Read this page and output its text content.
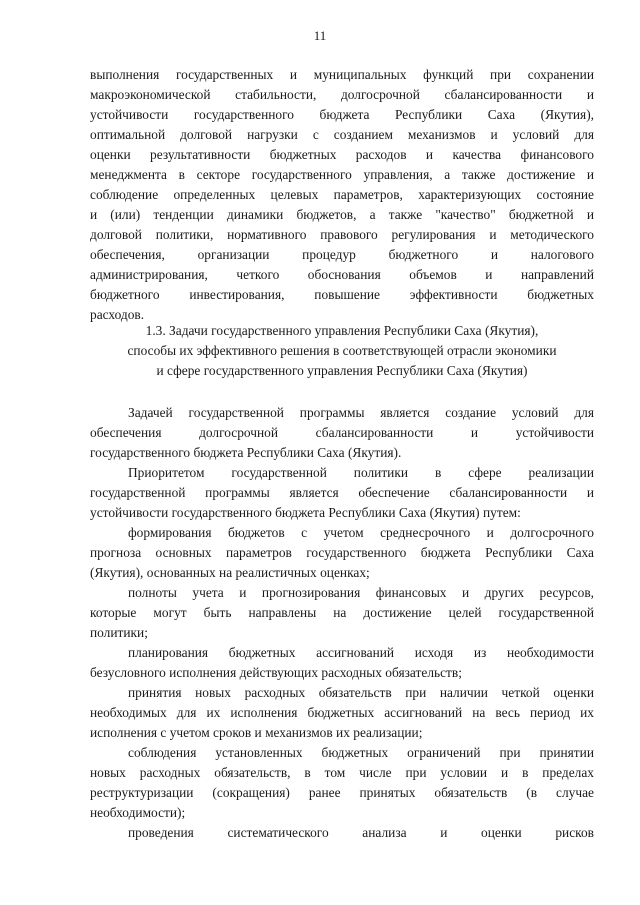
11
выполнения государственных и муниципальных функций при сохранении
макроэкономической стабильности, долгосрочной сбалансированности и
устойчивости государственного бюджета Республики Саха (Якутия),
оптимальной долговой нагрузки с созданием механизмов и условий для
оценки результативности бюджетных расходов и качества финансового
менеджмента в секторе государственного управления, а также достижение и
соблюдение определенных целевых параметров, характеризующих состояние
и (или) тенденции динамики бюджетов, а также "качество" бюджетной и
долговой политики, нормативного правового регулирования и методического
обеспечения, организации процедур бюджетного и налогового
администрирования, четкого обоснования объемов и направлений
бюджетного инвестирования, повышение эффективности бюджетных
расходов.
1.3. Задачи государственного управления Республики Саха (Якутия),
способы их эффективного решения в соответствующей отрасли экономики
и сфере государственного управления Республики Саха (Якутия)
Задачей государственной программы является создание условий для
обеспечения долгосрочной сбалансированности и устойчивости
государственного бюджета Республики Саха (Якутия).
Приоритетом государственной политики в сфере реализации
государственной программы является обеспечение сбалансированности и
устойчивости государственного бюджета Республики Саха (Якутия) путем:
формирования бюджетов с учетом среднесрочного и долгосрочного
прогноза основных параметров государственного бюджета Республики Саха
(Якутия), основанных на реалистичных оценках;
полноты учета и прогнозирования финансовых и других ресурсов,
которые могут быть направлены на достижение целей государственной
политики;
планирования бюджетных ассигнований исходя из необходимости
безусловного исполнения действующих расходных обязательств;
принятия новых расходных обязательств при наличии четкой оценки
необходимых для их исполнения бюджетных ассигнований на весь период их
исполнения с учетом сроков и механизмов их реализации;
соблюдения установленных бюджетных ограничений при принятии
новых расходных обязательств, в том числе при условии и в пределах
реструктуризации (сокращения) ранее принятых обязательств (в случае
необходимости);
проведения систематического анализа и оценки рисков
